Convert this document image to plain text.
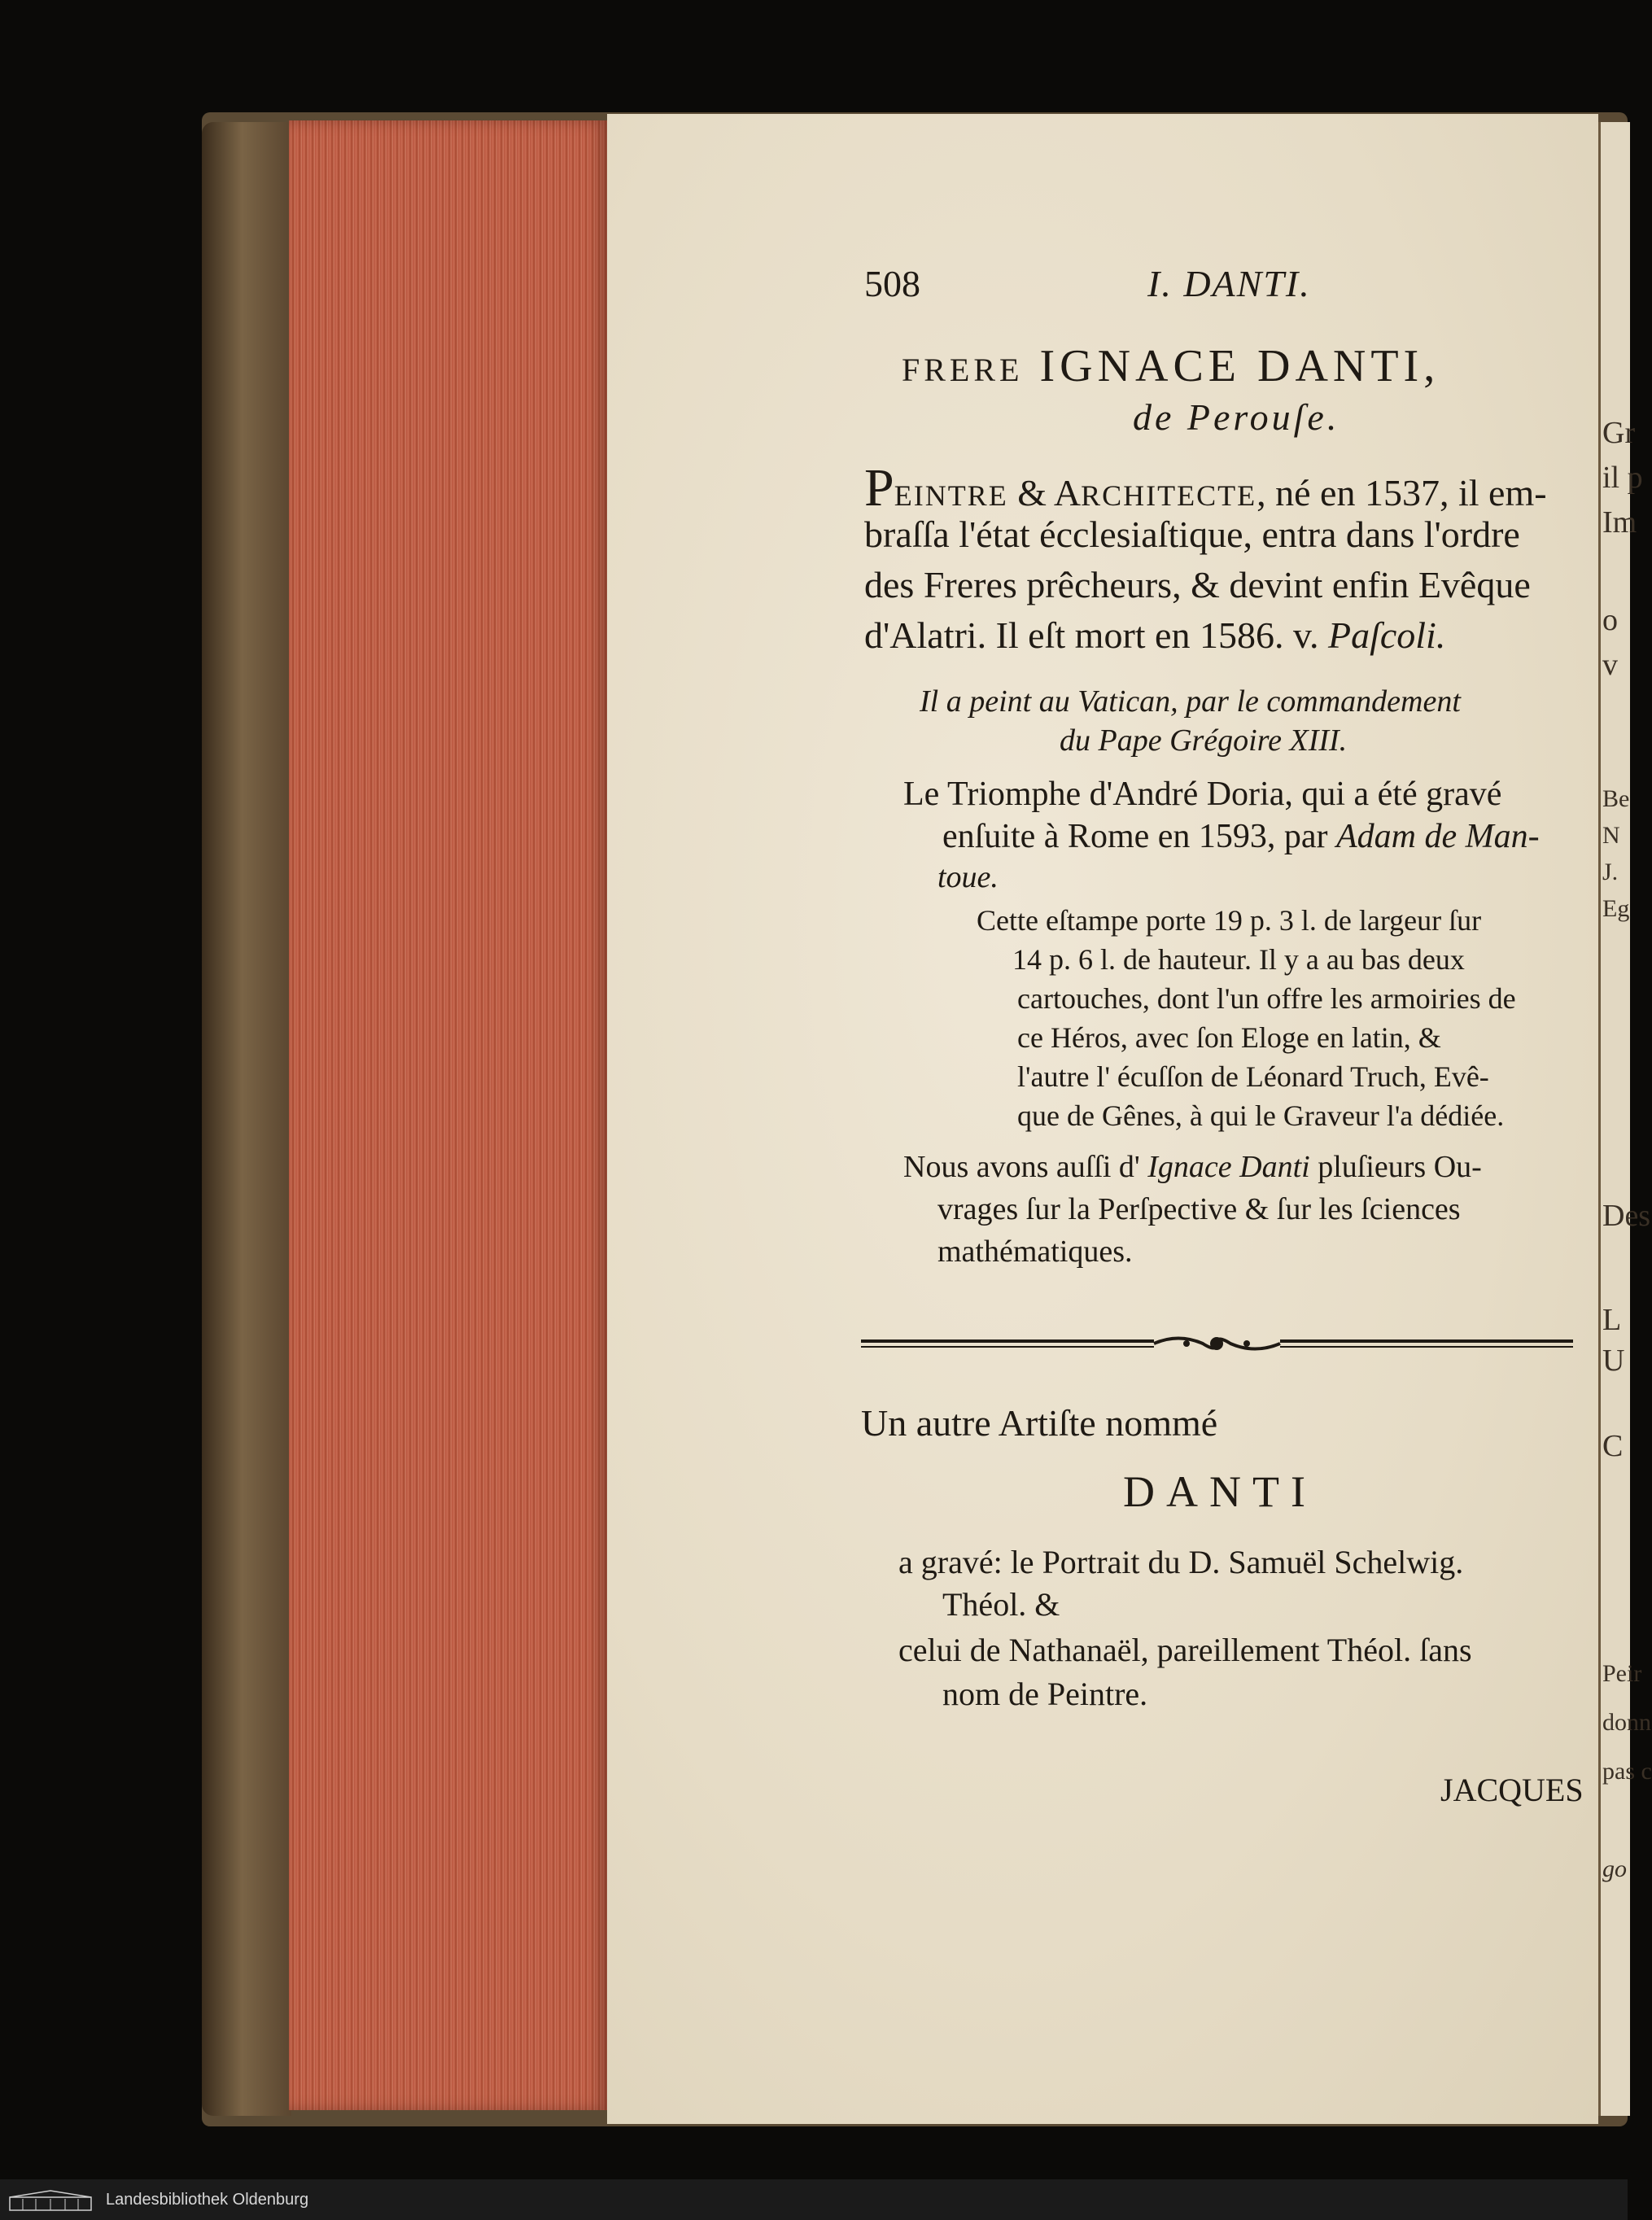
Gr
il p
Im
o
v
Be
N
J.
Eg
Des
L
U
C
Peir
donn
pas c
go
508	I. DANTI.
FRERE IGNACE DANTI,
de Perouſe.
PEINTRE & ARCHITECTE, né en 1537, il em-
braſſa l'état écclesiaſtique, entra dans l'ordre
des Freres prêcheurs, & devint enfin Evêque
d'Alatri. Il eſt mort en 1586. v. Paſcoli.
Il a peint au Vatican, par le commandement
du Pape Grégoire XIII.
Le Triomphe d'André Doria, qui a été gravé
enſuite à Rome en 1593, par Adam de Man-
toue.
Cette eſtampe porte 19 p. 3 l. de largeur ſur
14 p. 6 l. de hauteur. Il y a au bas deux
cartouches, dont l'un offre les armoiries de
ce Héros, avec ſon Eloge en latin, &
l'autre l' écuſſon de Léonard Truch, Evê-
que de Gênes, à qui le Graveur l'a dédiée.
Nous avons auſſi d' Ignace Danti pluſieurs Ou-
vrages ſur la Perſpective & ſur les ſciences
mathématiques.
Un autre Artiſte nommé
DANTI
a gravé: le Portrait du D. Samuël Schelwig.
Théol. &
celui de Nathanaël, pareillement Théol. ſans
nom de Peintre.
JACQUES
Landesbibliothek Oldenburg
